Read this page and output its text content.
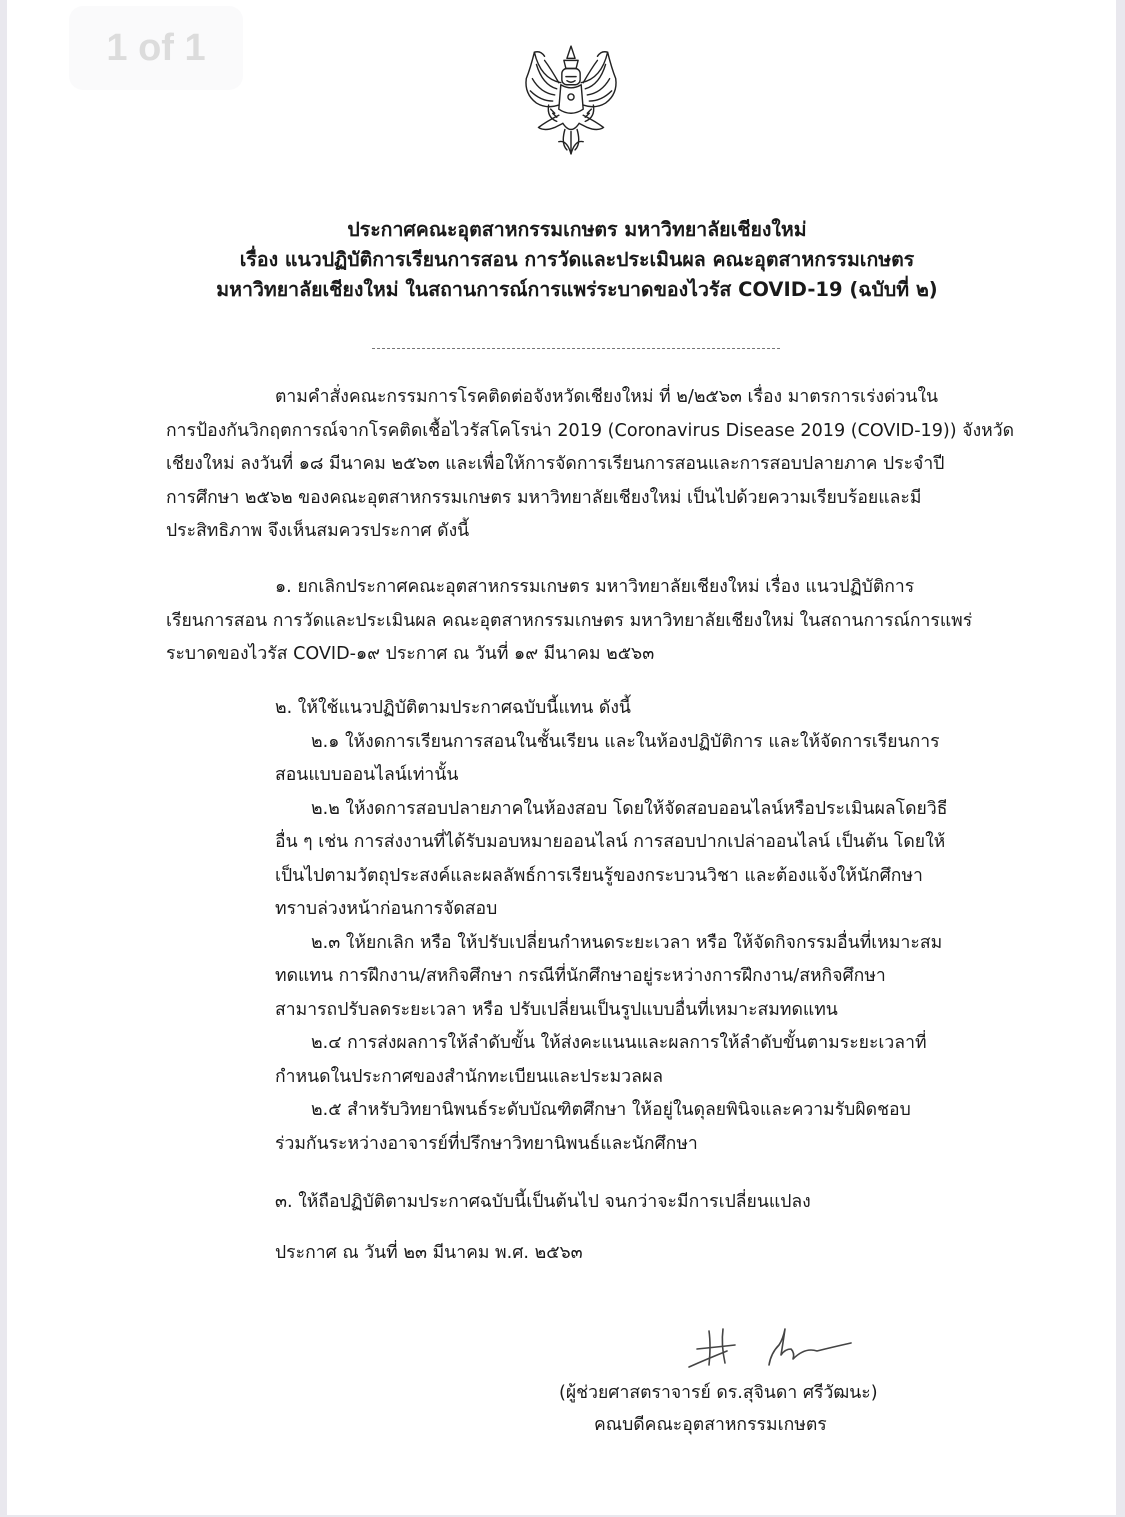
1 of 1
ประกาศคณะอุตสาหกรรมเกษตร มหาวิทยาลัยเชียงใหม่
เรื่อง แนวปฏิบัติการเรียนการสอน การวัดและประเมินผล คณะอุตสาหกรรมเกษตร
มหาวิทยาลัยเชียงใหม่ ในสถานการณ์การแพร่ระบาดของไวรัส COVID-19 (ฉบับที่ ๒)
ตามคำสั่งคณะกรรมการโรคติดต่อจังหวัดเชียงใหม่ ที่ ๒/๒๕๖๓ เรื่อง มาตรการเร่งด่วนใน
การป้องกันวิกฤตการณ์จากโรคติดเชื้อไวรัสโคโรน่า 2019 (Coronavirus Disease 2019 (COVID-19)) จังหวัด
เชียงใหม่ ลงวันที่ ๑๘ มีนาคม ๒๕๖๓ และเพื่อให้การจัดการเรียนการสอนและการสอบปลายภาค ประจำปี
การศึกษา ๒๕๖๒ ของคณะอุตสาหกรรมเกษตร มหาวิทยาลัยเชียงใหม่ เป็นไปด้วยความเรียบร้อยและมี
ประสิทธิภาพ จึงเห็นสมควรประกาศ ดังนี้
๑. ยกเลิกประกาศคณะอุตสาหกรรมเกษตร มหาวิทยาลัยเชียงใหม่ เรื่อง แนวปฏิบัติการ
เรียนการสอน การวัดและประเมินผล คณะอุตสาหกรรมเกษตร มหาวิทยาลัยเชียงใหม่ ในสถานการณ์การแพร่
ระบาดของไวรัส COVID-๑๙ ประกาศ ณ วันที่ ๑๙ มีนาคม ๒๕๖๓
๒. ให้ใช้แนวปฏิบัติตามประกาศฉบับนี้แทน ดังนี้
๒.๑ ให้งดการเรียนการสอนในชั้นเรียน และในห้องปฏิบัติการ และให้จัดการเรียนการ
สอนแบบออนไลน์เท่านั้น
๒.๒ ให้งดการสอบปลายภาคในห้องสอบ โดยให้จัดสอบออนไลน์หรือประเมินผลโดยวิธี
อื่น ๆ เช่น การส่งงานที่ได้รับมอบหมายออนไลน์ การสอบปากเปล่าออนไลน์ เป็นต้น โดยให้
เป็นไปตามวัตถุประสงค์และผลลัพธ์การเรียนรู้ของกระบวนวิชา และต้องแจ้งให้นักศึกษา
ทราบล่วงหน้าก่อนการจัดสอบ
๒.๓ ให้ยกเลิก หรือ ให้ปรับเปลี่ยนกำหนดระยะเวลา หรือ ให้จัดกิจกรรมอื่นที่เหมาะสม
ทดแทน การฝึกงาน/สหกิจศึกษา กรณีที่นักศึกษาอยู่ระหว่างการฝึกงาน/สหกิจศึกษา
สามารถปรับลดระยะเวลา หรือ ปรับเปลี่ยนเป็นรูปแบบอื่นที่เหมาะสมทดแทน
๒.๔ การส่งผลการให้ลำดับขั้น ให้ส่งคะแนนและผลการให้ลำดับขั้นตามระยะเวลาที่
กำหนดในประกาศของสำนักทะเบียนและประมวลผล
๒.๕ สำหรับวิทยานิพนธ์ระดับบัณฑิตศึกษา ให้อยู่ในดุลยพินิจและความรับผิดชอบ
ร่วมกันระหว่างอาจารย์ที่ปรึกษาวิทยานิพนธ์และนักศึกษา
๓. ให้ถือปฏิบัติตามประกาศฉบับนี้เป็นต้นไป จนกว่าจะมีการเปลี่ยนแปลง
ประกาศ ณ วันที่ ๒๓ มีนาคม พ.ศ. ๒๕๖๓
(ผู้ช่วยศาสตราจารย์ ดร.สุจินดา ศรีวัฒนะ)
คณบดีคณะอุตสาหกรรมเกษตร
